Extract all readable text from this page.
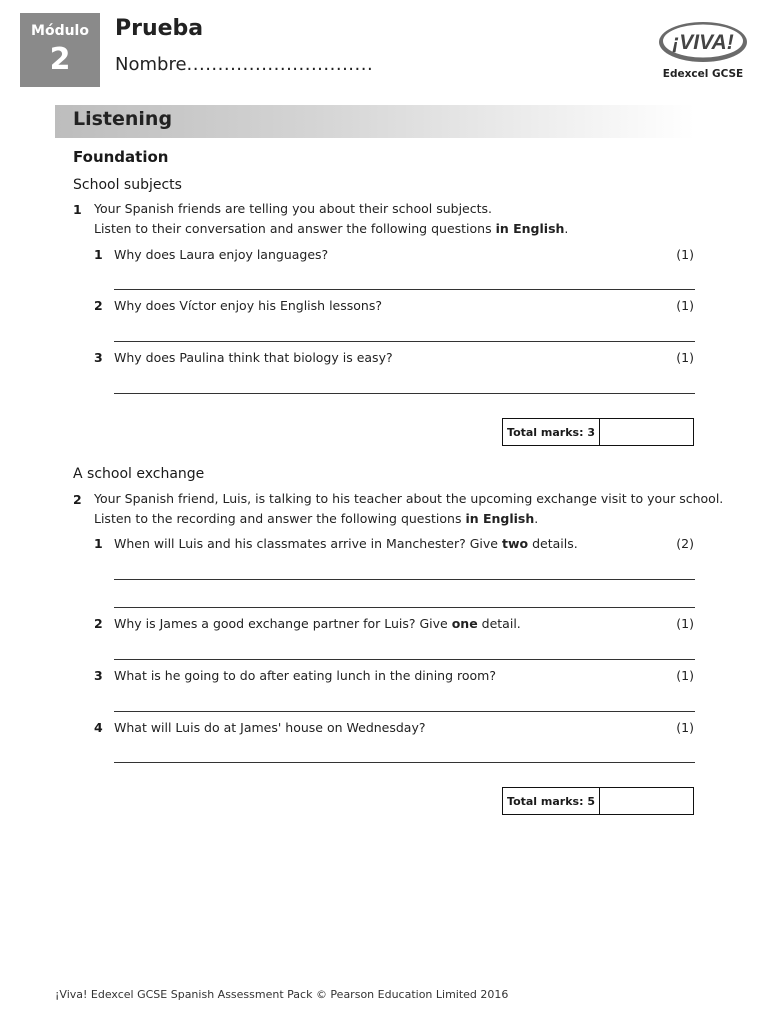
Módulo
2
Prueba
Nombre..............................
¡VIVA!
Edexcel GCSE
Listening
Foundation
School subjects
1 Your Spanish friends are telling you about their school subjects.
Listen to their conversation and answer the following questions in English.
1 Why does Laura enjoy languages?	(1)
2 Why does Víctor enjoy his English lessons?	(1)
3 Why does Paulina think that biology is easy?	(1)
Total marks: 3
A school exchange
2 Your Spanish friend, Luis, is talking to his teacher about the upcoming exchange visit to your school.
Listen to the recording and answer the following questions in English.
1 When will Luis and his classmates arrive in Manchester? Give two details.	(2)
2 Why is James a good exchange partner for Luis? Give one detail.	(1)
3 What is he going to do after eating lunch in the dining room?	(1)
4 What will Luis do at James' house on Wednesday?	(1)
Total marks: 5
¡Viva! Edexcel GCSE Spanish Assessment Pack © Pearson Education Limited 2016
